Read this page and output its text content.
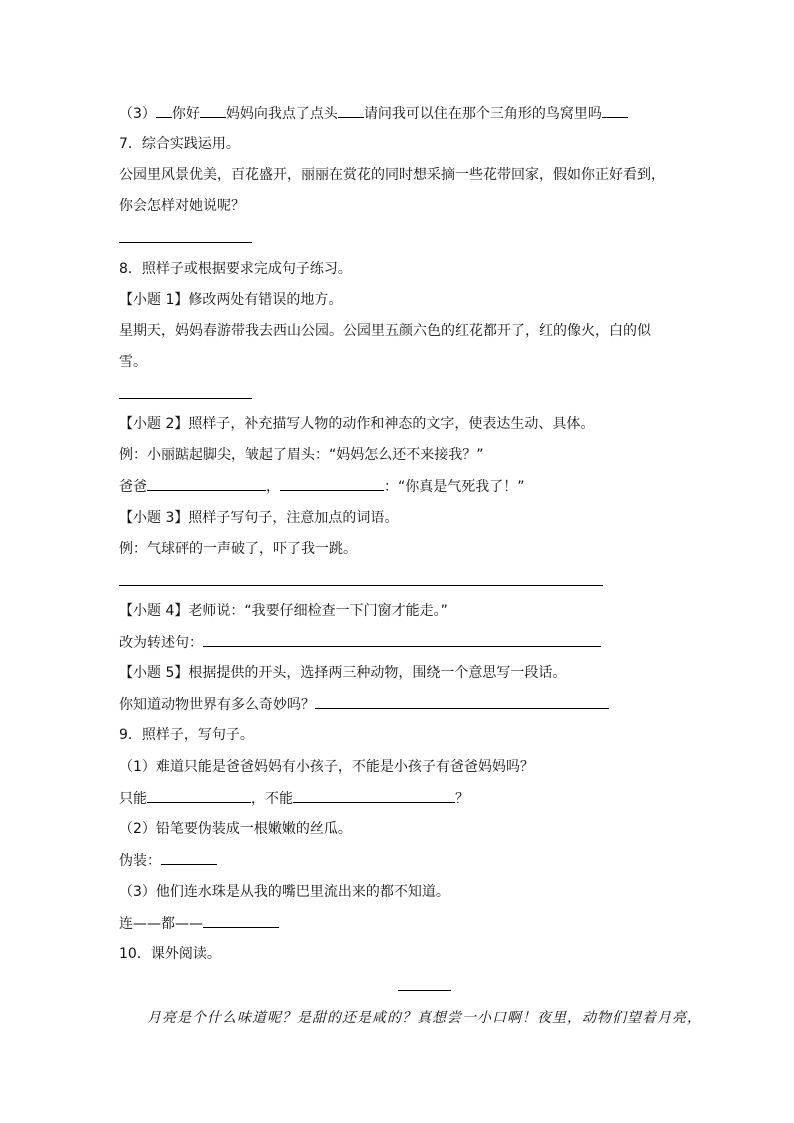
（3） 你好 妈妈向我点了点头 请问我可以住在那个三角形的鸟窝里吗
7．综合实践运用。
公园里风景优美，百花盛开，丽丽在赏花的同时想采摘一些花带回家，假如你正好看到，
你会怎样对她说呢？
8．照样子或根据要求完成句子练习。
【小题 1】修改两处有错误的地方。
星期天，妈妈春游带我去西山公园。公园里五颜六色的红花都开了，红的像火，白的似
雪。
【小题 2】照样子，补充描写人物的动作和神态的文字，使表达生动、具体。
例：小丽踮起脚尖，皱起了眉头：“妈妈怎么还不来接我？”
爸爸	，	：“你真是气死我了！”
【小题 3】照样子写句子，注意加点的词语。
例：气球砰的一声破了，吓了我一跳。
【小题 4】老师说：“我要仔细检查一下门窗才能走。”
改为转述句：
【小题 5】根据提供的开头，选择两三种动物，围绕一个意思写一段话。
你知道动物世界有多么奇妙吗？
9．照样子，写句子。
（1）难道只能是爸爸妈妈有小孩子，不能是小孩子有爸爸妈妈吗？
只能	，不能	？
（2）铅笔要伪装成一根嫩嫩的丝瓜。
伪装：
（3）他们连水珠是从我的嘴巴里流出来的都不知道。
连——都——
10．课外阅读。
月亮是个什么味道呢？是甜的还是咸的？真想尝一小口啊！夜里，动物们望着月亮，
